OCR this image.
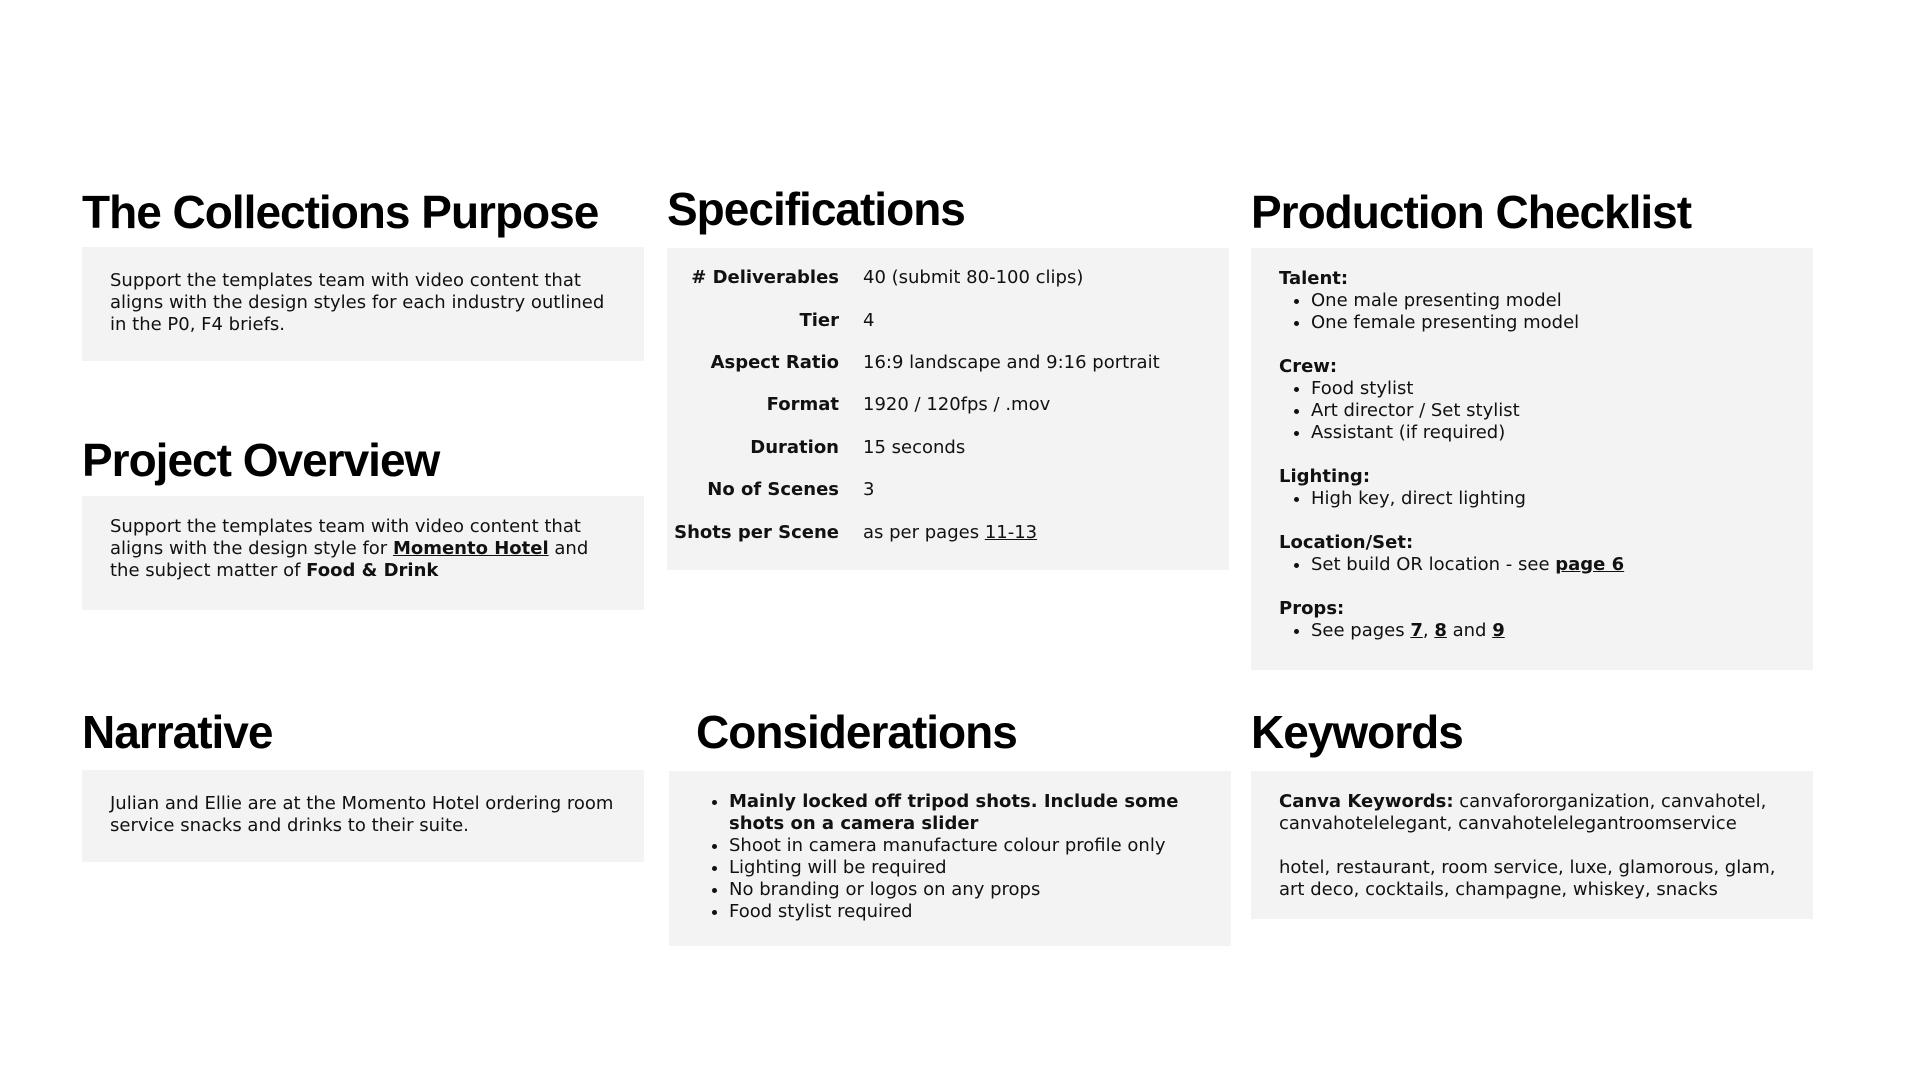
The Collections Purpose

Support the templates team with video content that aligns with the design styles for each industry outlined in the P0, F4 briefs.

Project Overview

Support the templates team with video content that aligns with the design style for Momento Hotel and the subject matter of Food & Drink

Narrative

Julian and Ellie are at the Momento Hotel ordering room service snacks and drinks to their suite.

Specifications
# Deliverables	40 (submit 80-100 clips)
Tier	4
Aspect Ratio	16:9 landscape and 9:16 portrait
Format	1920 / 120fps / .mov
Duration	15 seconds
No of Scenes	3
Shots per Scene	as per pages 11-13
Considerations
• Mainly locked off tripod shots. Include some shots on a camera slider
• Shoot in camera manufacture colour profile only
• Lighting will be required
• No branding or logos on any props
• Food stylist required
Production Checklist
Talent:
• One male presenting model
• One female presenting model
Crew:
• Food stylist
• Art director / Set stylist
• Assistant (if required)
Lighting:
• High key, direct lighting
Location/Set:
• Set build OR location - see page 6
Props:
• See pages 7, 8 and 9
Keywords

Canva Keywords: canvafororganization, canvahotel, canvahotelelegant, canvahotelelegantroomservice

hotel, restaurant, room service, luxe, glamorous, glam, art deco, cocktails, champagne, whiskey, snacks
